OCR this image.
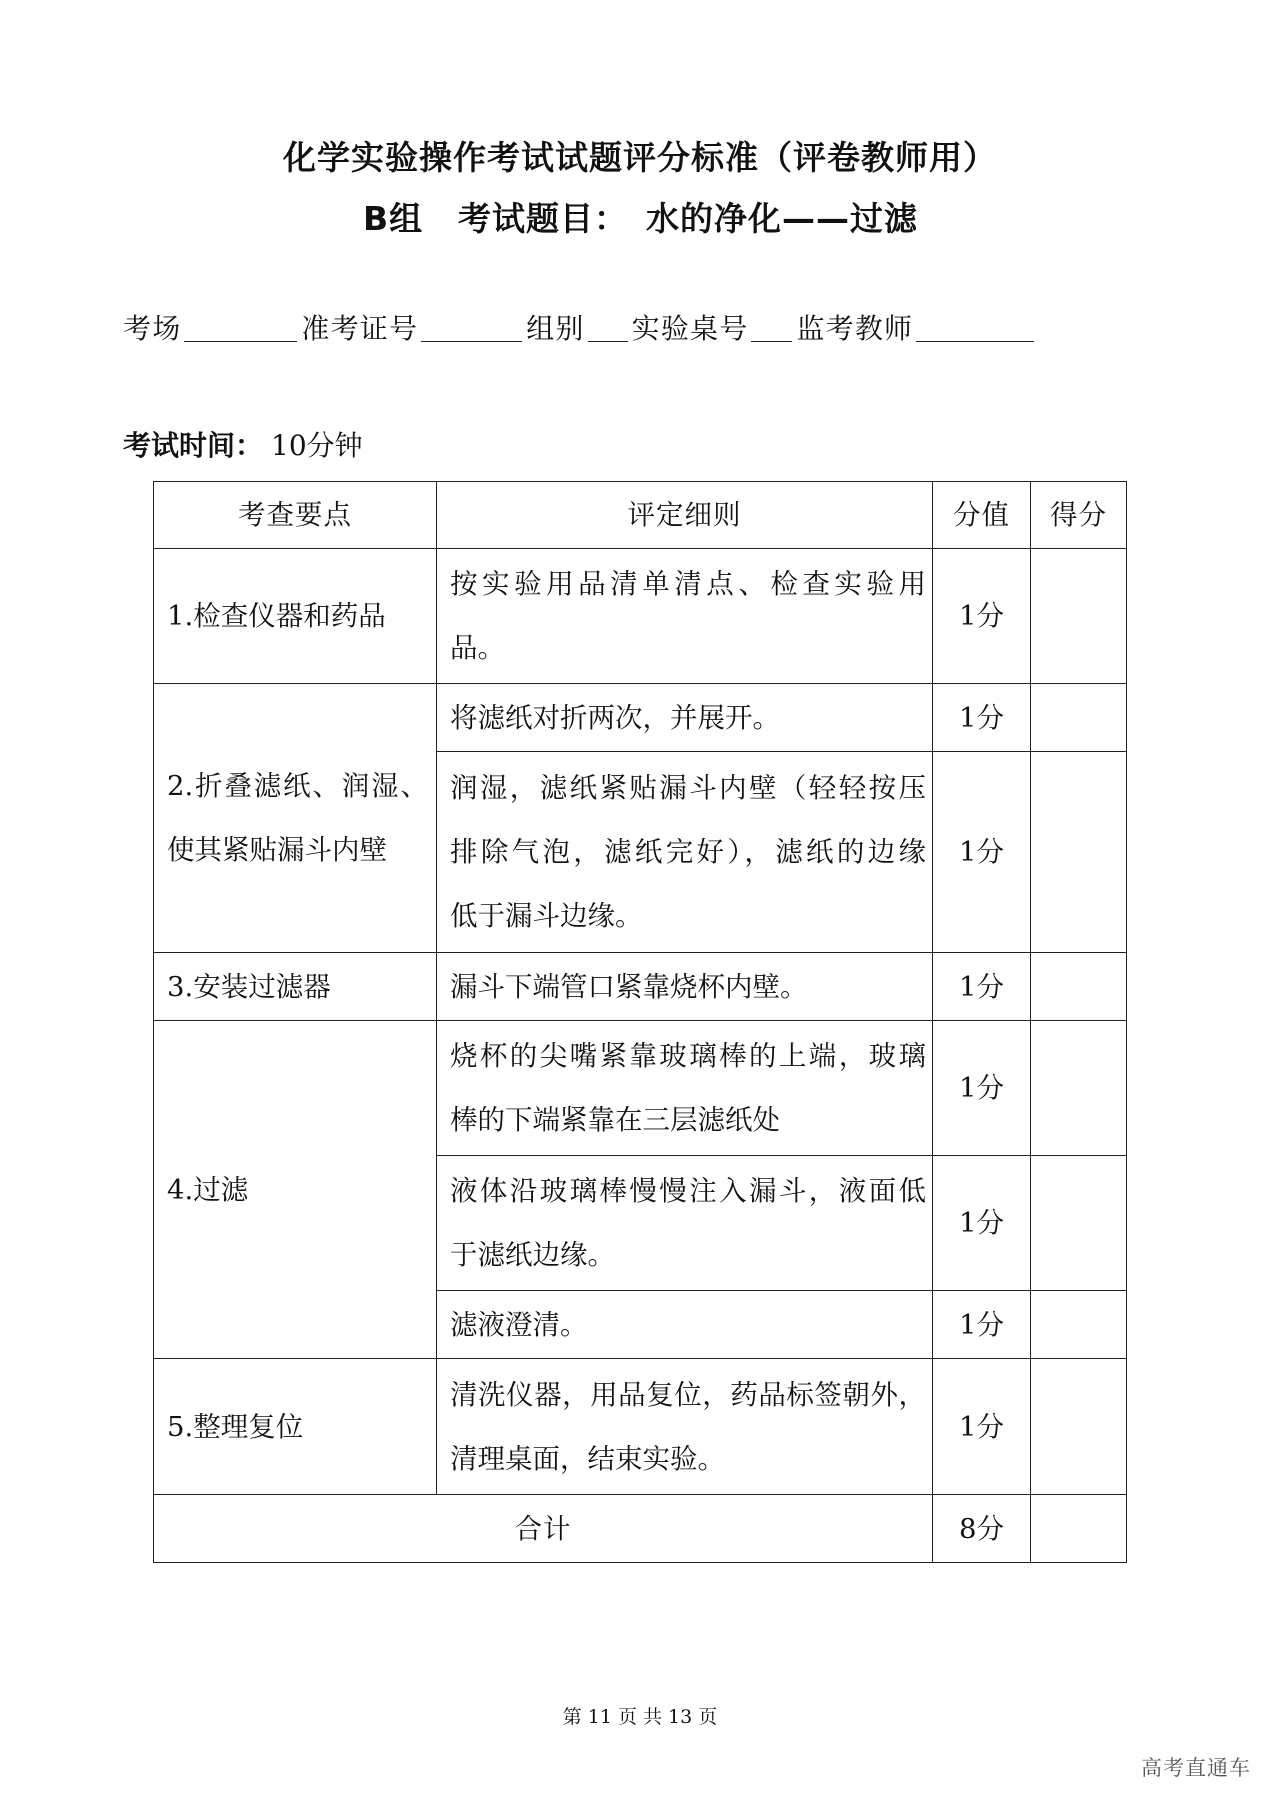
化学实验操作考试试题评分标准（评卷教师用）
B组 考试题目： 水的净化——过滤
考场	准考证号	组别 实验桌号 监考教师
考试时间： 10分钟
考查要点	评定细则	分值	得分

1.检查仪器和药品	按实验用品清单清点、检查实验用
品。	1分	

2.折叠滤纸、润湿、
使其紧贴漏斗内壁	将滤纸对折两次，并展开。	1分	

	润湿，滤纸紧贴漏斗内壁（轻轻按压
排除气泡，滤纸完好），滤纸的边缘
低于漏斗边缘。	1分	

3.安装过滤器	漏斗下端管口紧靠烧杯内壁。	1分	

4.过滤	烧杯的尖嘴紧靠玻璃棒的上端，玻璃
棒的下端紧靠在三层滤纸处	1分	

	液体沿玻璃棒慢慢注入漏斗，液面低
于滤纸边缘。	1分	

	滤液澄清。	1分	

5.整理复位	清洗仪器，用品复位，药品标签朝外，
清理桌面，结束实验。	1分	
合计		8分	
第 11 页 共 13 页
高考直通车
